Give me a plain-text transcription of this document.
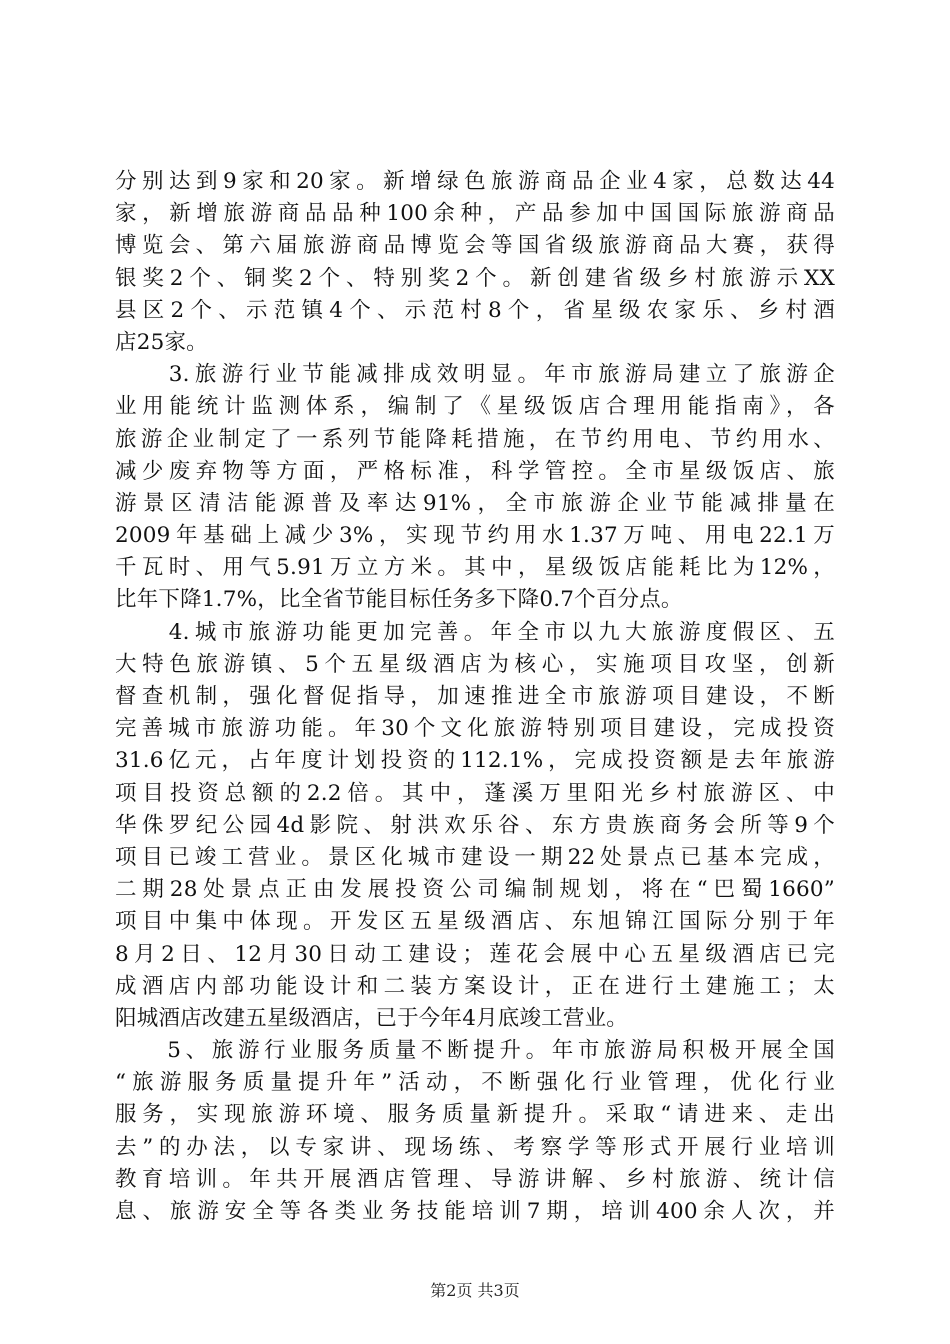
分别达到9家和20家。新增绿色旅游商品企业4家，总数达44
家，新增旅游商品品种100余种，产品参加中国国际旅游商品
博览会、第六届旅游商品博览会等国省级旅游商品大赛，获得
银奖2个、铜奖2个、特别奖2个。新创建省级乡村旅游示XX
县区2个、示范镇4个、示范村8个，省星级农家乐、乡村酒
店25家。
　　3.旅游行业节能减排成效明显。年市旅游局建立了旅游企
业用能统计监测体系，编制了《星级饭店合理用能指南》，各
旅游企业制定了一系列节能降耗措施，在节约用电、节约用水、
减少废弃物等方面，严格标准，科学管控。全市星级饭店、旅
游景区清洁能源普及率达91%，全市旅游企业节能减排量在
2009年基础上减少3%，实现节约用水1.37万吨、用电22.1万
千瓦时、用气5.91万立方米。其中，星级饭店能耗比为12%，
比年下降1.7%，比全省节能目标任务多下降0.7个百分点。
　　4.城市旅游功能更加完善。年全市以九大旅游度假区、五
大特色旅游镇、5个五星级酒店为核心，实施项目攻坚，创新
督查机制，强化督促指导，加速推进全市旅游项目建设，不断
完善城市旅游功能。年30个文化旅游特别项目建设，完成投资
31.6亿元，占年度计划投资的112.1%，完成投资额是去年旅游
项目投资总额的2.2倍。其中，蓬溪万里阳光乡村旅游区、中
华侏罗纪公园4d影院、射洪欢乐谷、东方贵族商务会所等9个
项目已竣工营业。景区化城市建设一期22处景点已基本完成，
二期28处景点正由发展投资公司编制规划，将在“巴蜀1660”
项目中集中体现。开发区五星级酒店、东旭锦江国际分别于年
8月2日、12月30日动工建设；莲花会展中心五星级酒店已完
成酒店内部功能设计和二装方案设计，正在进行土建施工；太
阳城酒店改建五星级酒店，已于今年4月底竣工营业。
　　5、旅游行业服务质量不断提升。年市旅游局积极开展全国
“旅游服务质量提升年”活动，不断强化行业管理，优化行业
服务，实现旅游环境、服务质量新提升。采取“请进来、走出
去”的办法，以专家讲、现场练、考察学等形式开展行业培训
教育培训。年共开展酒店管理、导游讲解、乡村旅游、统计信
息、旅游安全等各类业务技能培训7期，培训400余人次，并
第2页 共3页
